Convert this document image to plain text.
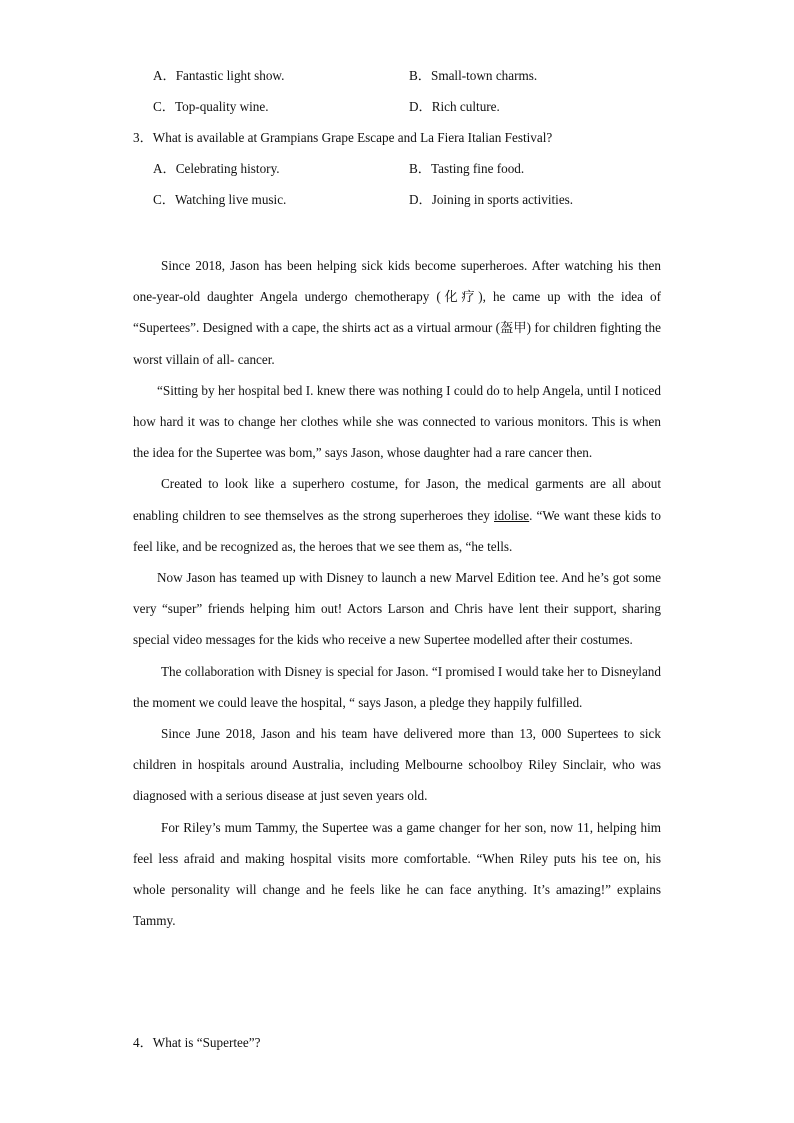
A．Fantastic light show.	B．Small-town charms.
C．Top-quality wine.	D．Rich culture.
3．What is available at Grampians Grape Escape and La Fiera Italian Festival?
A．Celebrating history.	B．Tasting fine food.
C．Watching live music.	D．Joining in sports activities.

Since 2018, Jason has been helping sick kids become superheroes. After watching his then one-year-old daughter Angela undergo chemotherapy (化疗), he came up with the idea of “Supertees”. Designed with a cape, the shirts act as a virtual armour (盔甲) for children fighting the worst villain of all- cancer.

“Sitting by her hospital bed I. knew there was nothing I could do to help Angela, until I noticed how hard it was to change her clothes while she was connected to various monitors. This is when the idea for the Supertee was bom,” says Jason, whose daughter had a rare cancer then.

Created to look like a superhero costume, for Jason, the medical garments are all about enabling children to see themselves as the strong superheroes they idolise. “We want these kids to feel like, and be recognized as, the heroes that we see them as, “he tells.

Now Jason has teamed up with Disney to launch a new Marvel Edition tee. And he’s got some very “super” friends helping him out! Actors Larson and Chris have lent their support, sharing special video messages for the kids who receive a new Supertee modelled after their costumes.

The collaboration with Disney is special for Jason. “I promised I would take her to Disneyland the moment we could leave the hospital, “ says Jason, a pledge they happily fulfilled.

Since June 2018, Jason and his team have delivered more than 13, 000 Supertees to sick children in hospitals around Australia, including Melbourne schoolboy Riley Sinclair, who was diagnosed with a serious disease at just seven years old.

For Riley’s mum Tammy, the Supertee was a game changer for her son, now 11, helping him feel less afraid and making hospital visits more comfortable. “When Riley puts his tee on, his whole personality will change and he feels like he can face anything. It’s amazing!” explains Tammy.

4．What is “Supertee”?
